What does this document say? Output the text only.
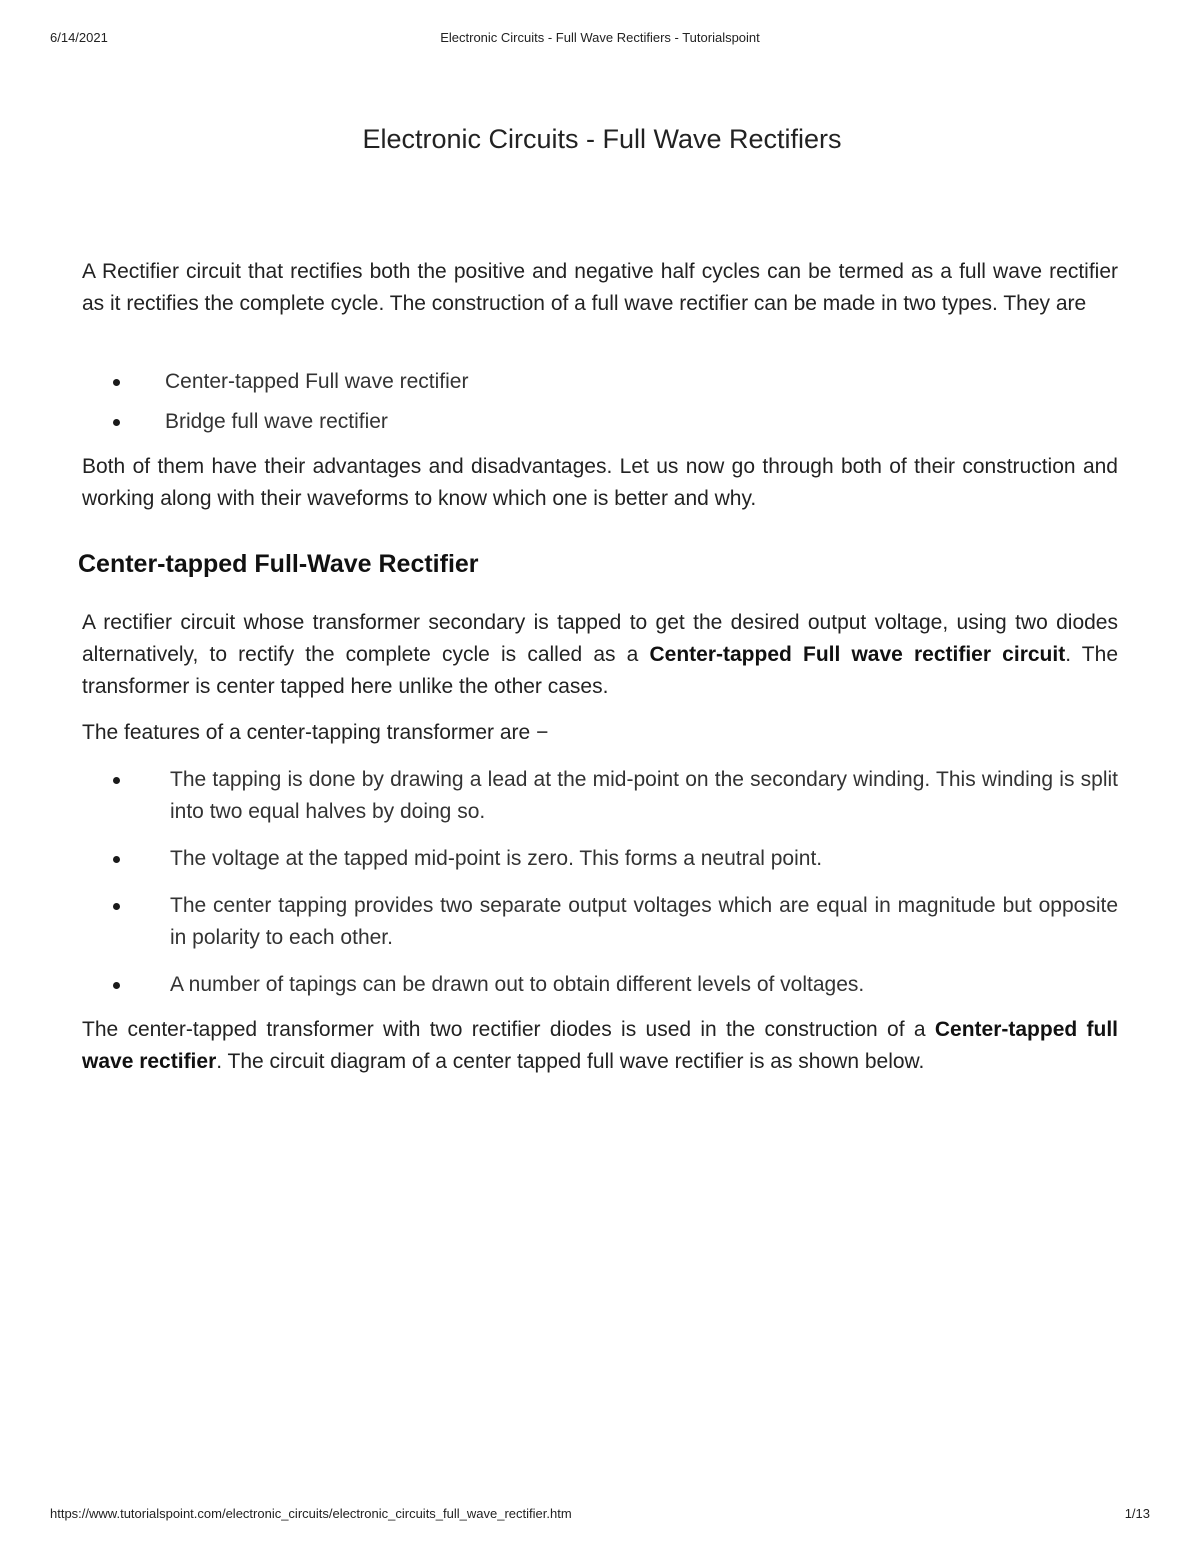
6/14/2021	Electronic Circuits - Full Wave Rectifiers - Tutorialspoint
Electronic Circuits - Full Wave Rectifiers

A Rectifier circuit that rectifies both the positive and negative half cycles can be termed as a full wave rectifier as it rectifies the complete cycle. The construction of a full wave rectifier can be made in two types. They are

Center-tapped Full wave rectifier
Bridge full wave rectifier

Both of them have their advantages and disadvantages. Let us now go through both of their construction and working along with their waveforms to know which one is better and why.

Center-tapped Full-Wave Rectifier

A rectifier circuit whose transformer secondary is tapped to get the desired output voltage, using two diodes alternatively, to rectify the complete cycle is called as a Center-tapped Full wave rectifier circuit. The transformer is center tapped here unlike the other cases.

The features of a center-tapping transformer are −

The tapping is done by drawing a lead at the mid-point on the secondary winding. This winding is split into two equal halves by doing so.
The voltage at the tapped mid-point is zero. This forms a neutral point.
The center tapping provides two separate output voltages which are equal in magnitude but opposite in polarity to each other.
A number of tapings can be drawn out to obtain different levels of voltages.

The center-tapped transformer with two rectifier diodes is used in the construction of a Center-tapped full wave rectifier. The circuit diagram of a center tapped full wave rectifier is as shown below.

https://www.tutorialspoint.com/electronic_circuits/electronic_circuits_full_wave_rectifier.htm	1/13
